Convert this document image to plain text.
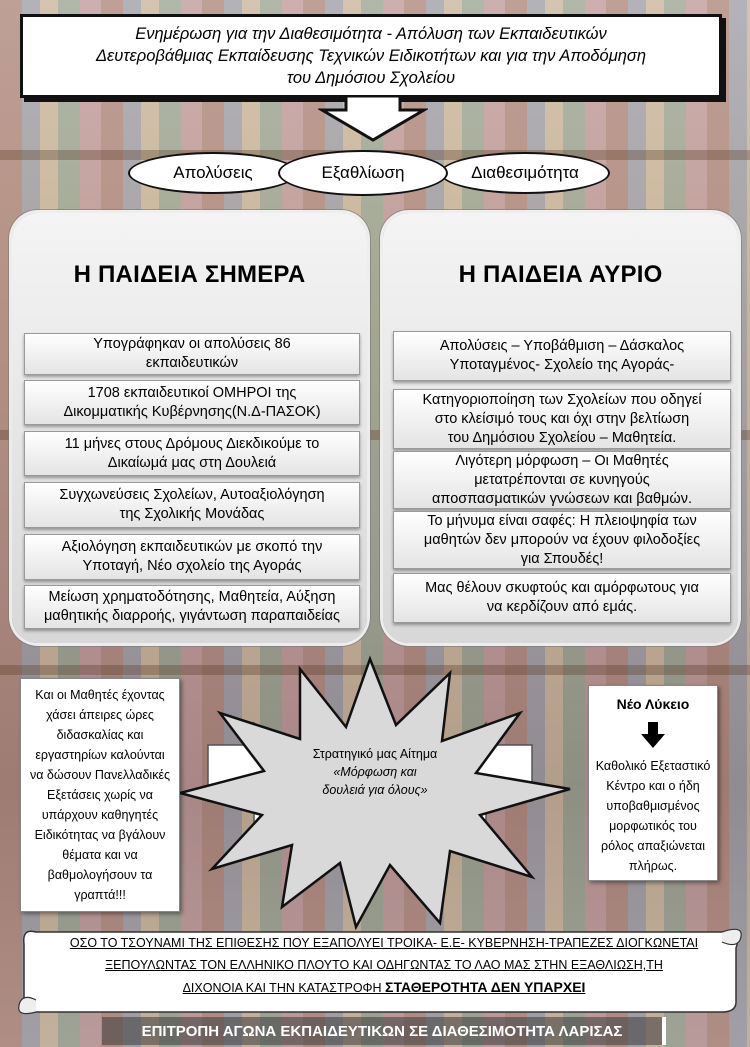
Ενημέρωση για την Διαθεσιμότητα - Απόλυση των Εκπαιδευτικών
Δευτεροβάθμιας Εκπαίδευσης Τεχνικών Ειδικοτήτων και για την Αποδόμηση
του Δημόσιου Σχολείου
Απολύσεις	Διαθεσιμότητα
Εξαθλίωση
Η ΠΑΙΔΕΙΑ ΣΗΜΕΡΑ
Υπογράφηκαν οι απολύσεις 86
εκπαιδευτικών
1708 εκπαιδευτικοί ΟΜΗΡΟΙ της
Δικομματικής Κυβέρνησης(Ν.Δ-ΠΑΣΟΚ)
11 μήνες στους Δρόμους Διεκδικούμε το
Δικαίωμά μας στη Δουλειά
Συγχωνεύσεις Σχολείων, Αυτοαξιολόγηση
της Σχολικής Μονάδας
Αξιολόγηση εκπαιδευτικών με σκοπό την
Υποταγή, Νέο σχολείο της Αγοράς
Μείωση χρηματοδότησης, Μαθητεία, Αύξηση
μαθητικής διαρροής, γιγάντωση παραπαιδείας
Η ΠΑΙΔΕΙΑ ΑΥΡΙΟ
Απολύσεις – Υποβάθμιση – Δάσκαλος
Υποταγμένος- Σχολείο της Αγοράς-
Κατηγοριοποίηση των Σχολείων που οδηγεί
στο κλείσιμό τους και όχι στην βελτίωση
του Δημόσιου Σχολείου – Μαθητεία.
Λιγότερη μόρφωση – Οι Μαθητές
μετατρέπονται σε κυνηγούς
αποσπασματικών γνώσεων και βαθμών.
Το μήνυμα είναι σαφές: Η πλειοψηφία των
μαθητών δεν μπορούν να έχουν φιλοδοξίες
για Σπουδές!
Μας θέλουν σκυφτούς και αμόρφωτους για
να κερδίζουν από εμάς.
Στρατηγικό μας Αίτημα
«Μόρφωση και
δουλειά για όλους»
Και οι Μαθητές έχοντας
χάσει άπειρες ώρες
διδασκαλίας και
εργαστηρίων καλούνται
να δώσουν Πανελλαδικές
Εξετάσεις χωρίς να
υπάρχουν καθηγητές
Ειδικότητας να βγάλουν
θέματα και να
βαθμολογήσουν τα
γραπτά!!!
Νέο Λύκειο
Καθολικό Εξεταστικό
Κέντρο και ο ήδη
υποβαθμισμένος
μορφωτικός του
ρόλος απαξιώνεται
πλήρως.
ΟΣΟ ΤΟ ΤΣΟΥΝΑΜΙ ΤΗΣ ΕΠΙΘΕΣΗΣ ΠΟΥ ΕΞΑΠΟΛΥΕΙ ΤΡΟΙΚΑ- Ε.Ε- ΚΥΒΕΡΝΗΣΗ-ΤΡΑΠΕΖΕΣ ΔΙΟΓΚΩΝΕΤΑΙ
ΞΕΠΟΥΛΩΝΤΑΣ ΤΟΝ ΕΛΛΗΝΙΚΟ ΠΛΟΥΤΟ ΚΑΙ ΟΔΗΓΩΝΤΑΣ ΤΟ ΛΑΟ ΜΑΣ ΣΤΗΝ ΕΞΑΘΛΙΩΣΗ,ΤΗ
ΔΙΧΟΝΟΙΑ ΚΑΙ ΤΗΝ ΚΑΤΑΣΤΡΟΦΗ ΣΤΑΘΕΡΟΤΗΤΑ ΔΕΝ ΥΠΑΡΧΕΙ
ΕΠΙΤΡΟΠΗ ΑΓΩΝΑ ΕΚΠΑΙΔΕΥΤΙΚΩΝ ΣΕ ΔΙΑΘΕΣΙΜΟΤΗΤΑ ΛΑΡΙΣΑΣ
